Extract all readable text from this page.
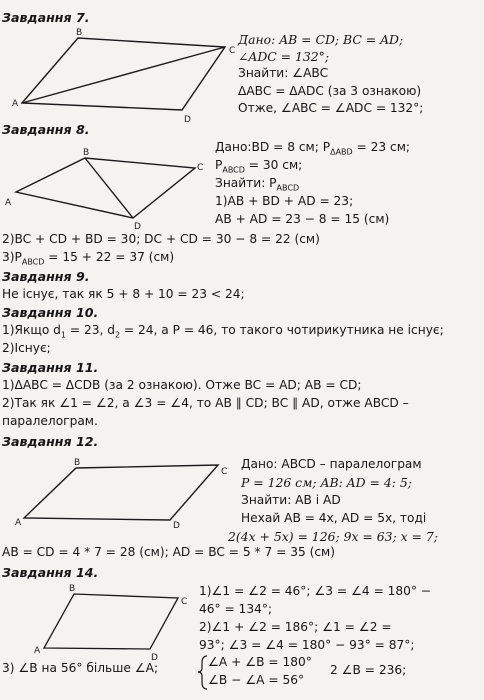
A
B
C
D
A
B
C
D
A
B
C
D
A
B
C
D
Завдання 7.
Дано: AB = CD; BC = AD;
∠ADC = 132°;
Знайти: ∠ABC
ΔABC = ΔADC (за 3 ознакою)
Отже, ∠ABC = ∠ADC = 132°;
Завдання 8.
Дано:BD = 8 см; $P_{\Delta ABD} = 23$ см;
$P_{ABCD} = 30$ см;
Знайти: $P_{ABCD}$
1)AB + BD + AD = 23;
AB + AD = 23 − 8 = 15 (см)
2)BC + CD + BD = 30; DC + CD = 30 − 8 = 22 (см)
$3)P_{ABCD} = 15 + 22 = 37$ (см)
Завдання 9.
Не існує, так як 5 + 8 + 10 = 23 < 24;
Завдання 10.
1)Якщо $d_1 = 23$, $d_2 = 24$, а P = 46, то такого чотирикутника не існує;
2)Існує;
Завдання 11.
1)ΔABC = ΔCDB (за 2 ознакою). Отже BC = AD; AB = CD;
2)Так як ∠1 = ∠2, а ∠3 = ∠4, то AB ∥ CD; BC ∥ AD, отже ABCD –
паралелограм.
Завдання 12.
Дано: ABCD – паралелограм
P = 126 см; AB: AD = 4: 5;
Знайти: AB і AD
Нехай AB = 4x, AD = 5x, тоді
2(4x + 5x) = 126; 9x = 63; x = 7;
AB = CD = 4 * 7 = 28 (см); AD = BC = 5 * 7 = 35 (см)
Завдання 14.
1)∠1 = ∠2 = 46°; ∠3 = ∠4 = 180° −
46° = 134°;
2)∠1 + ∠2 = 186°; ∠1 = ∠2 =
93°; ∠3 = ∠4 = 180° − 93° = 87°;
3) ∠B на 56° більше ∠A;	∠A + ∠B = 180°
∠B − ∠A = 56°
2 ∠B = 236;
